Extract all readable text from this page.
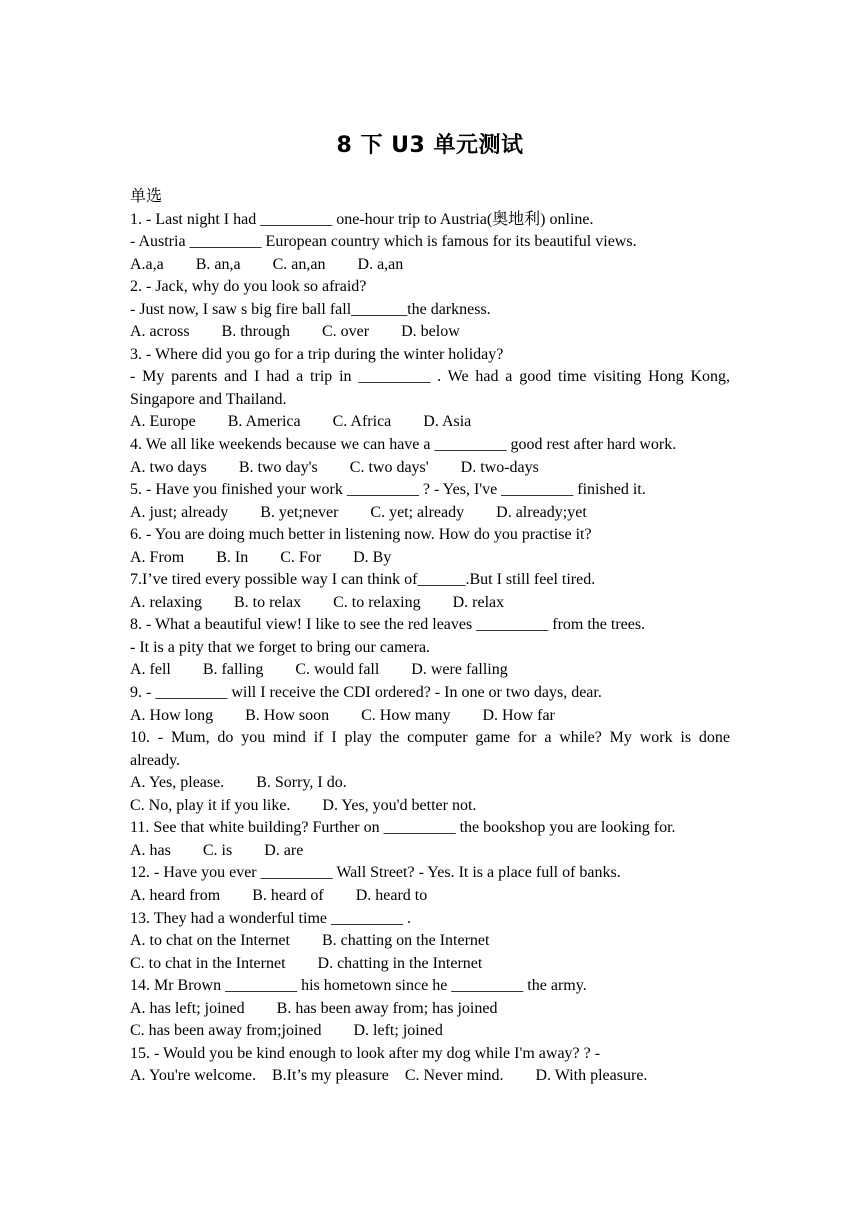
8 下 U3 单元测试
单选
1. - Last night I had _________ one-hour trip to Austria(奥地利) online.
- Austria _________ European country which is famous for its beautiful views.
A.a,a        B. an,a        C. an,an        D. a,an
2. - Jack, why do you look so afraid?
- Just now, I saw s big fire ball fall_______the darkness.
A. across        B. through        C. over        D. below
3. - Where did you go for a trip during the winter holiday?
- My parents and I had a trip in _________ . We had a good time visiting Hong Kong,
Singapore and Thailand.
A. Europe        B. America        C. Africa        D. Asia
4. We all like weekends because we can have a _________ good rest after hard work.
A. two days        B. two day's        C. two days'        D. two-days
5. - Have you finished your work _________ ? - Yes, I've _________ finished it.
A. just; already        B. yet;never        C. yet; already        D. already;yet
6. - You are doing much better in listening now. How do you practise it?
A. From        B. In        C. For        D. By
7.I’ve tired every possible way I can think of______.But I still feel tired.
A. relaxing        B. to relax        C. to relaxing        D. relax
8. - What a beautiful view! I like to see the red leaves _________ from the trees.
- It is a pity that we forget to bring our camera.
A. fell        B. falling        C. would fall        D. were falling
9. - _________ will I receive the CDI ordered? - In one or two days, dear.
A. How long        B. How soon        C. How many        D. How far
10. - Mum, do you mind if I play the computer game for a while? My work is done
already.
A. Yes, please.        B. Sorry, I do.
C. No, play it if you like.        D. Yes, you'd better not.
11. See that white building? Further on _________ the bookshop you are looking for.
A. has        C. is        D. are
12. - Have you ever _________ Wall Street? - Yes. It is a place full of banks.
A. heard from        B. heard of        D. heard to
13. They had a wonderful time _________ .
A. to chat on the Internet        B. chatting on the Internet
C. to chat in the Internet        D. chatting in the Internet
14. Mr Brown _________ his hometown since he _________ the army.
A. has left; joined        B. has been away from; has joined
C. has been away from;joined        D. left; joined
15. - Would you be kind enough to look after my dog while I'm away? ? -
A. You're welcome.    B.It’s my pleasure    C. Never mind.        D. With pleasure.
